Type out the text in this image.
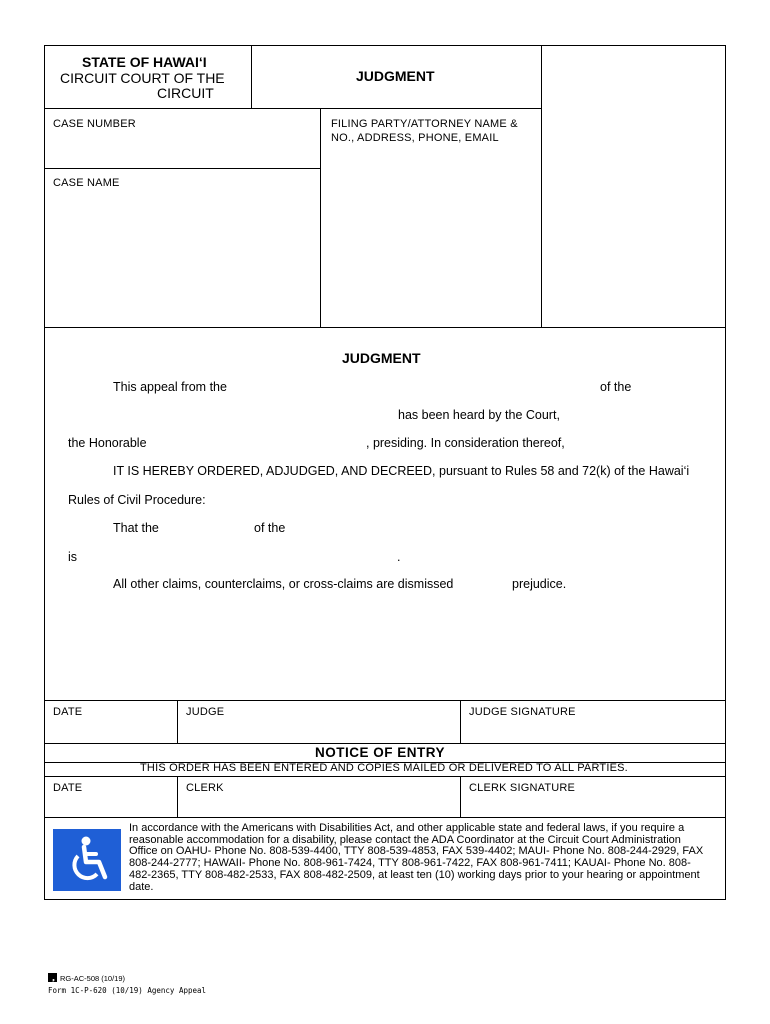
STATE OF HAWAI‘I
CIRCUIT COURT OF THE
CIRCUIT
JUDGMENT
CASE NUMBER	FILING PARTY/ATTORNEY NAME &
NO., ADDRESS, PHONE, EMAIL
CASE NAME
JUDGMENT
This appeal from the	of the
has been heard by the Court,
the Honorable	, presiding. In consideration thereof,
IT IS HEREBY ORDERED, ADJUDGED, AND DECREED, pursuant to Rules 58 and 72(k) of the Hawai‘i
Rules of Civil Procedure:
That the	of the
is	.
All other claims, counterclaims, or cross-claims are dismissed	prejudice.
DATE	JUDGE	JUDGE SIGNATURE
NOTICE OF ENTRY
THIS ORDER HAS BEEN ENTERED AND COPIES MAILED OR DELIVERED TO ALL PARTIES.
DATE	CLERK	CLERK SIGNATURE
In accordance with the Americans with Disabilities Act, and other applicable state and federal laws, if you require a reasonable accommodation for a disability, please contact the ADA Coordinator at the Circuit Court Administration Office on OAHU- Phone No. 808-539-4400, TTY 808-539-4853, FAX 539-4402; MAUI- Phone No. 808-244-2929, FAX 808-244-2777; HAWAII- Phone No. 808-961-7424, TTY 808-961-7422, FAX 808-961-7411; KAUAI- Phone No. 808-482-2365, TTY 808-482-2533, FAX 808-482-2509, at least ten (10) working days prior to your hearing or appointment date.
RG-AC-508 (10/19)
Form 1C-P-620 (10/19) Agency Appeal
